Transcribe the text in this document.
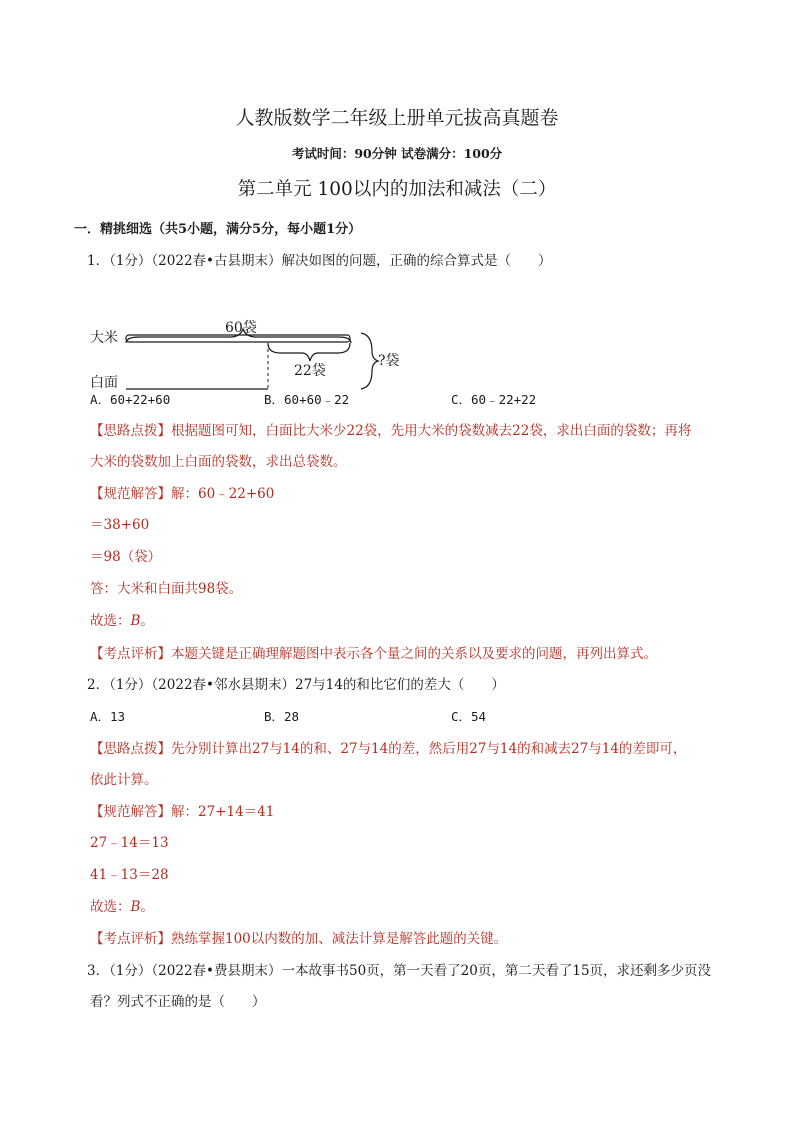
人教版数学二年级上册单元拔高真题卷
考试时间：90分钟 试卷满分：100分
第二单元 100以内的加法和减法（二）
一．精挑细选（共5小题，满分5分，每小题1分）
1．（1分）（2022春•古县期末）解决如图的问题，正确的综合算式是（　　）
60袋
大米
22袋
白面
?袋
A．60+22+60	B．60+60﹣22	C．60﹣22+22
【思路点拨】根据题图可知，白面比大米少22袋，先用大米的袋数减去22袋，求出白面的袋数；再将
大米的袋数加上白面的袋数，求出总袋数。
【规范解答】解：60﹣22+60
＝38+60
＝98（袋）
答：大米和白面共98袋。
故选：B。
【考点评析】本题关键是正确理解题图中表示各个量之间的关系以及要求的问题，再列出算式。
2．（1分）（2022春•邻水县期末）27与14的和比它们的差大（　　）
A．13	B．28	C．54
【思路点拨】先分别计算出27与14的和、27与14的差，然后用27与14的和减去27与14的差即可，
依此计算。
【规范解答】解：27+14＝41
27﹣14＝13
41﹣13＝28
故选：B。
【考点评析】熟练掌握100以内数的加、减法计算是解答此题的关键。
3．（1分）（2022春•费县期末）一本故事书50页，第一天看了20页，第二天看了15页，求还剩多少页没
看？列式不正确的是（　　）
